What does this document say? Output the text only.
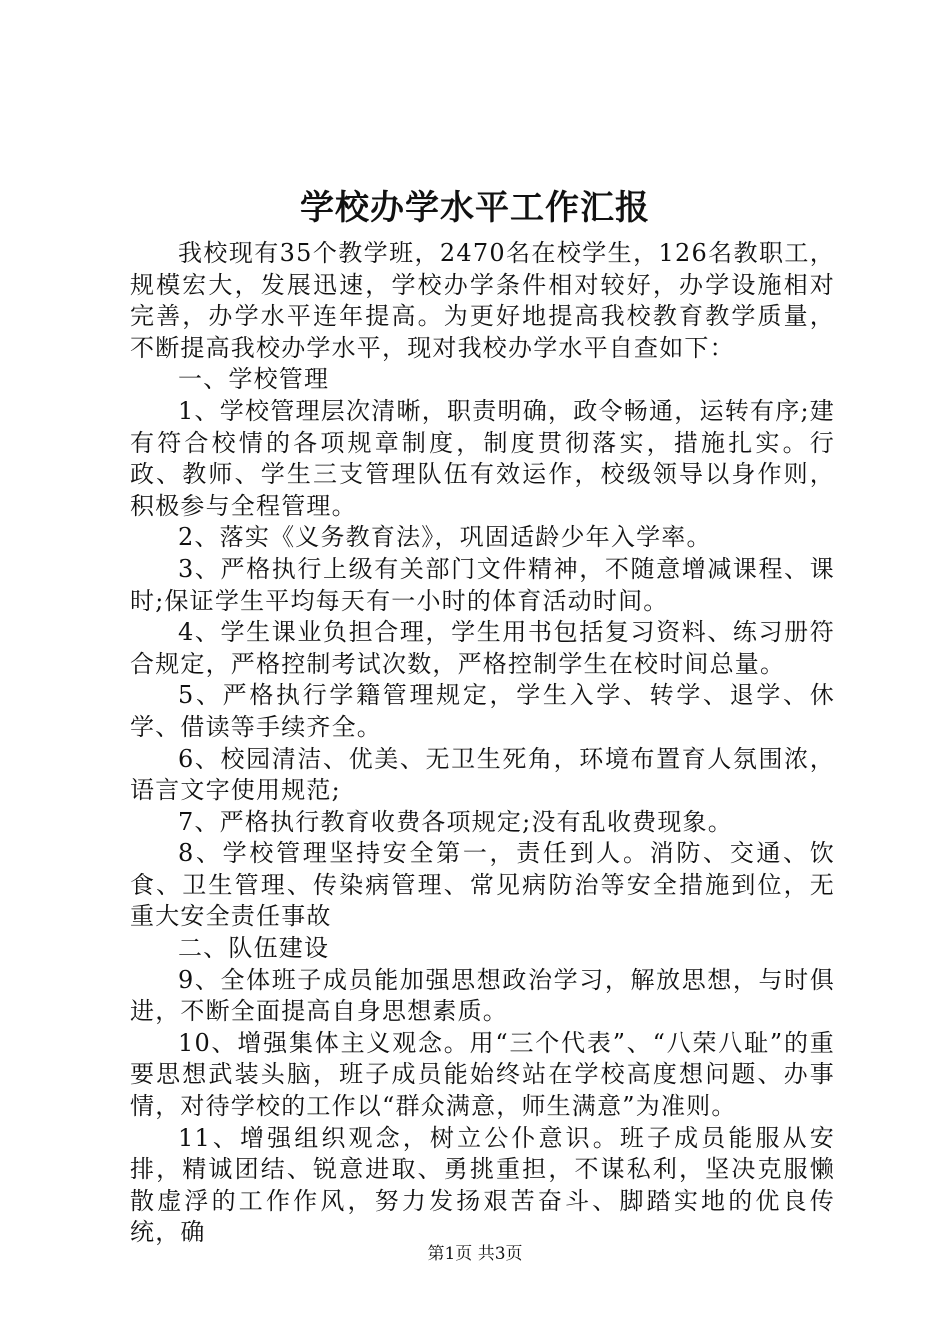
学校办学水平工作汇报

我校现有35个教学班，2470名在校学生，126名教职工，规模宏大，发展迅速，学校办学条件相对较好，办学设施相对完善，办学水平连年提高。为更好地提高我校教育教学质量，不断提高我校办学水平，现对我校办学水平自查如下：

一、学校管理

1、学校管理层次清晰，职责明确，政令畅通，运转有序;建有符合校情的各项规章制度，制度贯彻落实，措施扎实。行政、教师、学生三支管理队伍有效运作，校级领导以身作则，积极参与全程管理。

2、落实《义务教育法》，巩固适龄少年入学率。

3、严格执行上级有关部门文件精神，不随意增减课程、课时;保证学生平均每天有一小时的体育活动时间。

4、学生课业负担合理，学生用书包括复习资料、练习册符合规定，严格控制考试次数，严格控制学生在校时间总量。

5、严格执行学籍管理规定，学生入学、转学、退学、休学、借读等手续齐全。

6、校园清洁、优美、无卫生死角，环境布置育人氛围浓，语言文字使用规范;

7、严格执行教育收费各项规定;没有乱收费现象。

8、学校管理坚持安全第一，责任到人。消防、交通、饮食、卫生管理、传染病管理、常见病防治等安全措施到位，无重大安全责任事故

二、队伍建设

9、全体班子成员能加强思想政治学习，解放思想，与时俱进，不断全面提高自身思想素质。

10、增强集体主义观念。用“三个代表”、“八荣八耻”的重要思想武装头脑，班子成员能始终站在学校高度想问题、办事情，对待学校的工作以“群众满意，师生满意”为准则。

11、增强组织观念，树立公仆意识。班子成员能服从安排，精诚团结、锐意进取、勇挑重担，不谋私利，坚决克服懒散虚浮的工作作风，努力发扬艰苦奋斗、脚踏实地的优良传统，确

第1页 共3页
